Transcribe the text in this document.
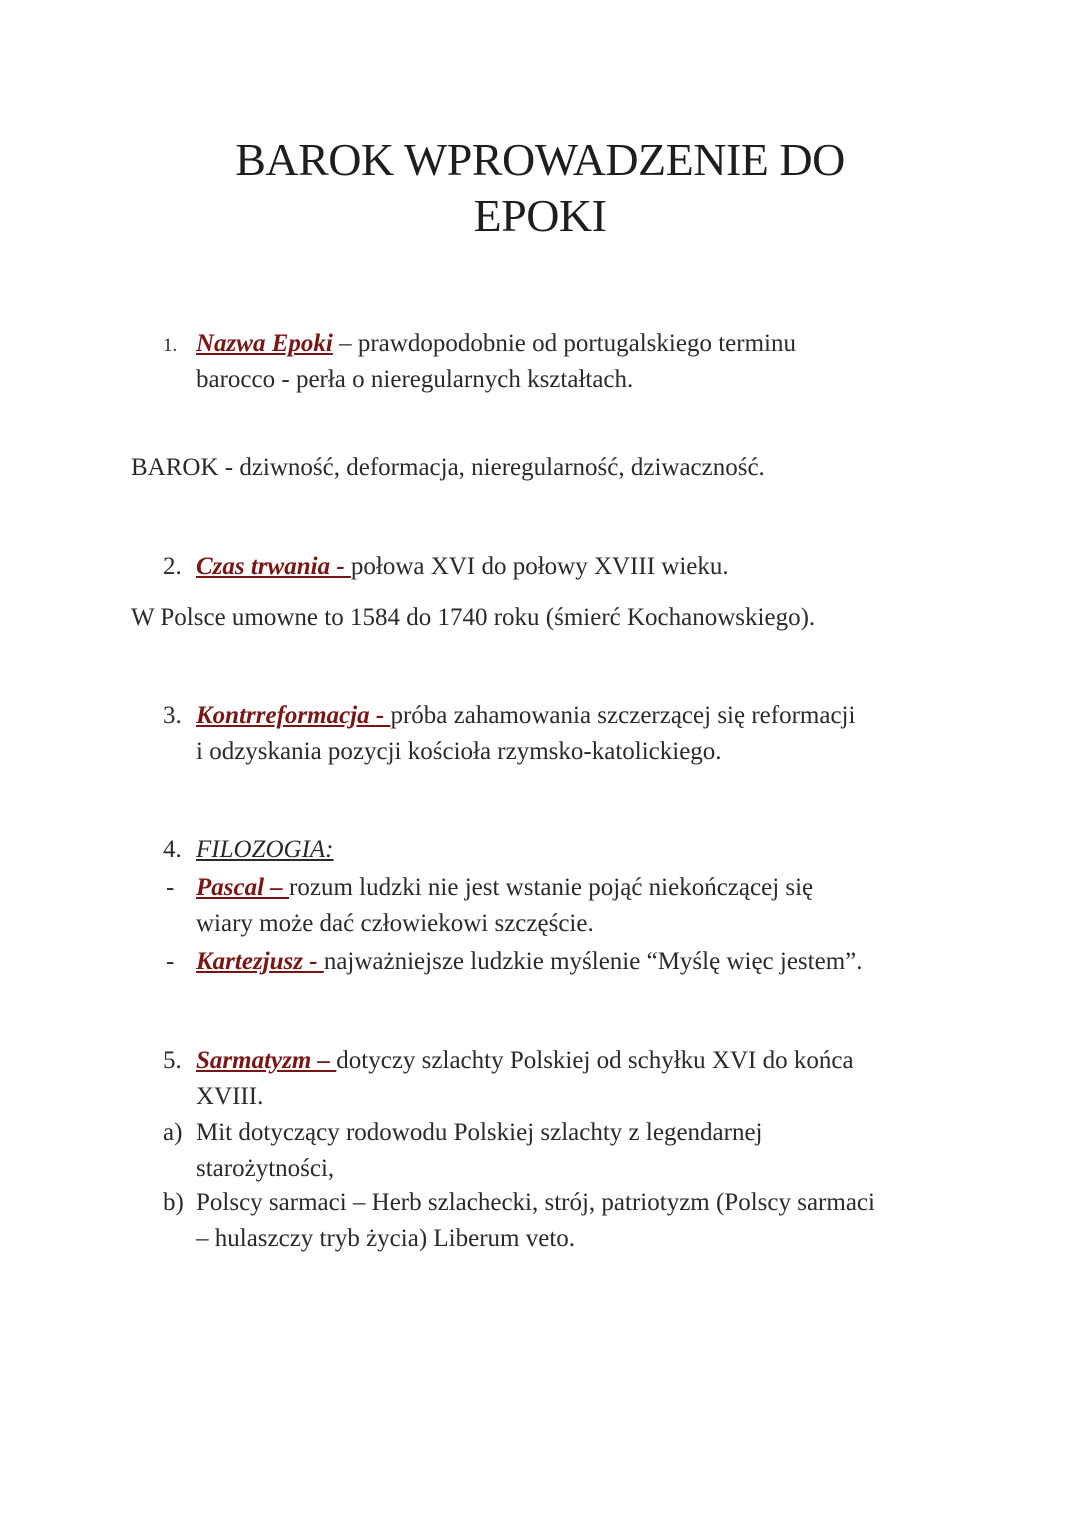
BAROK WPROWADZENIE DO
EPOKI
1. Nazwa Epoki – prawdopodobnie od portugalskiego terminu
barocco - perła o nieregularnych kształtach.
BAROK - dziwność, deformacja, nieregularność, dziwaczność.
2. Czas trwania - połowa XVI do połowy XVIII wieku.
W Polsce umowne to 1584 do 1740 roku (śmierć Kochanowskiego).
3. Kontrreformacja - próba zahamowania szczerzącej się reformacji
i odzyskania pozycji kościoła rzymsko-katolickiego.
4. FILOZOGIA:
- Pascal – rozum ludzki nie jest wstanie pojąć niekończącej się
wiary może dać człowiekowi szczęście.
- Kartezjusz - najważniejsze ludzkie myślenie “Myślę więc jestem”.
5. Sarmatyzm – dotyczy szlachty Polskiej od schyłku XVI do końca
XVIII.
a) Mit dotyczący rodowodu Polskiej szlachty z legendarnej
starożytności,
b) Polscy sarmaci – Herb szlachecki, strój, patriotyzm (Polscy sarmaci
– hulaszczy tryb życia) Liberum veto.
